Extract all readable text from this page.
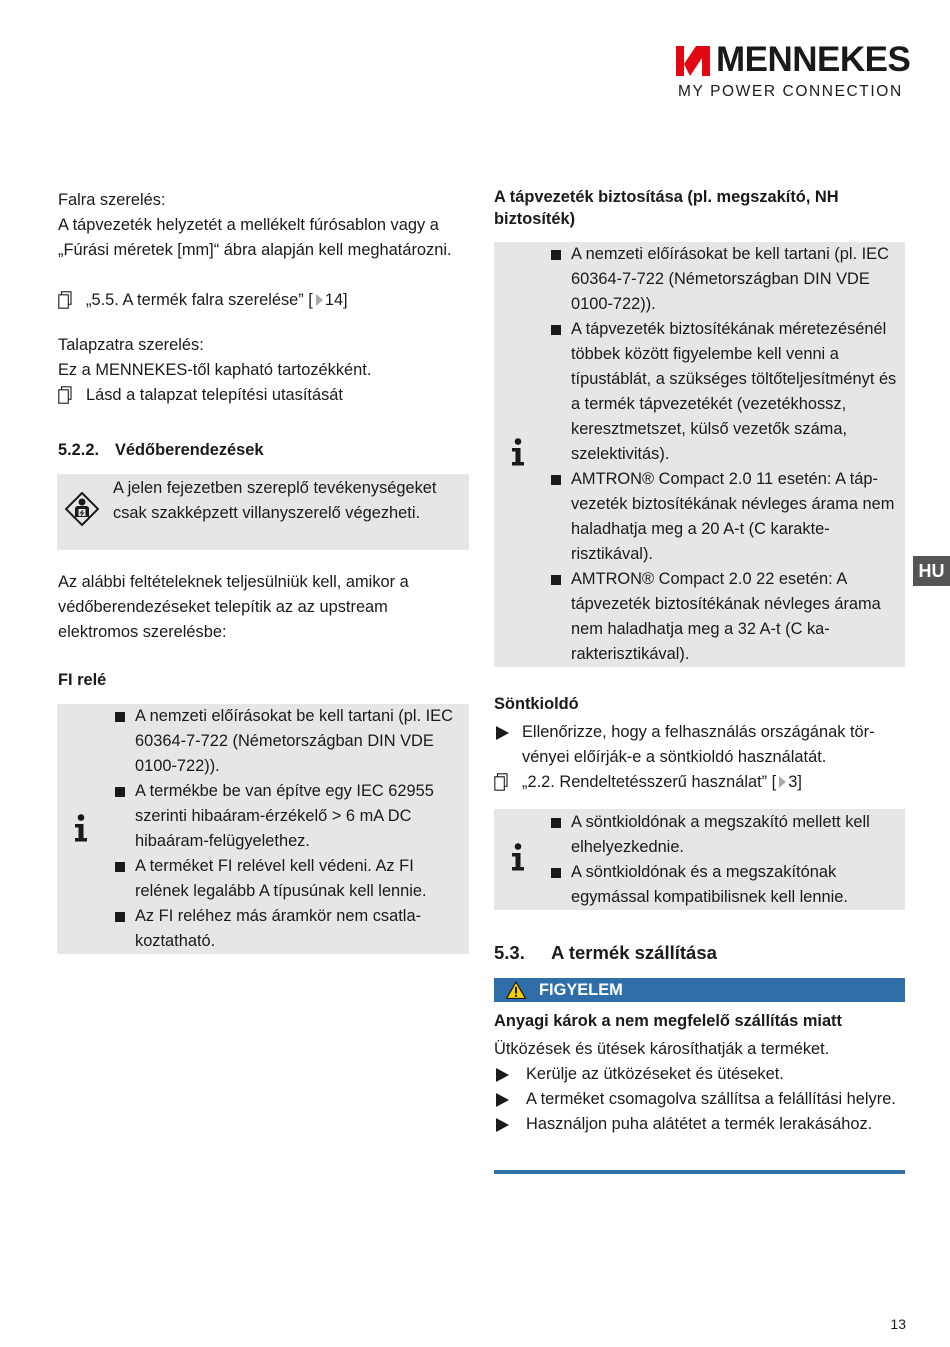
MENNEKES
MY POWER CONNECTION
HU

Falra szerelés:

A tápvezeték helyzetét a mellékelt fúrósablon vagy a „Fúrási méretek [mm]“ ábra alapján kell meghatározni.

„5.5. A termék falra szerelése” [ 14]

Talapzatra szerelés:

Ez a MENNEKES-től kapható tartozékként.

Lásd a talapzat telepítési utasítását
5.2.2. Védőberendezések

A jelen fejezetben szereplő tevékenységeket csak szakképzett villanyszerelő végezheti.

Az alábbi feltételeknek teljesülniük kell, amikor a védőberendezéseket telepítik az az upstream elektromos szerelésbe:

FI relé
A nemzeti előírásokat be kell tartani (pl. IEC 60364-7-722 (Németországban DIN VDE 0100-722)).
A termékbe be van építve egy IEC 62955 szerinti hibaáram-érzékelő > 6 mA DC hibaáram-felügyelethez.
A terméket FI relével kell védeni. Az FI relének legalább A típusúnak kell lennie.
Az FI reléhez más áramkör nem csatlakoztatható.
A tápvezeték biztosítása (pl. megszakító, NH biztosíték)
A nemzeti előírásokat be kell tartani (pl. IEC 60364-7-722 (Németországban DIN VDE 0100-722)).
A tápvezeték biztosítékának méretezésénél többek között figyelembe kell venni a típustáblát, a szükséges töltőteljesítményt és a termék tápvezetékét (vezetékhossz, keresztmetszet, külső vezetők száma, szelektivitás).
AMTRON® Compact 2.0 11 esetén: A tápvezeték biztosítékának névleges árama nem haladhatja meg a 20 A-t (C karakterisztikával).
AMTRON® Compact 2.0 22 esetén: A tápvezeték biztosítékának névleges árama nem haladhatja meg a 32 A-t (C karakterisztikával).
Söntkioldó
Ellenőrizze, hogy a felhasználás országának törvényei előírják-e a söntkioldó használatát.
„2.2. Rendeltetésszerű használat” [ 3]
A söntkioldónak a megszakító mellett kell elhelyezkednie.
A söntkioldónak és a megszakítónak egymással kompatibilisnek kell lennie.
5.3. A termék szállítása
FIGYELEM
Anyagi károk a nem megfelelő szállítás miatt

Ütközések és ütések károsíthatják a terméket.

Kerülje az ütközéseket és ütéseket.
A terméket csomagolva szállítsa a felállítási helyre.
Használjon puha alátétet a termék lerakásához.
13
